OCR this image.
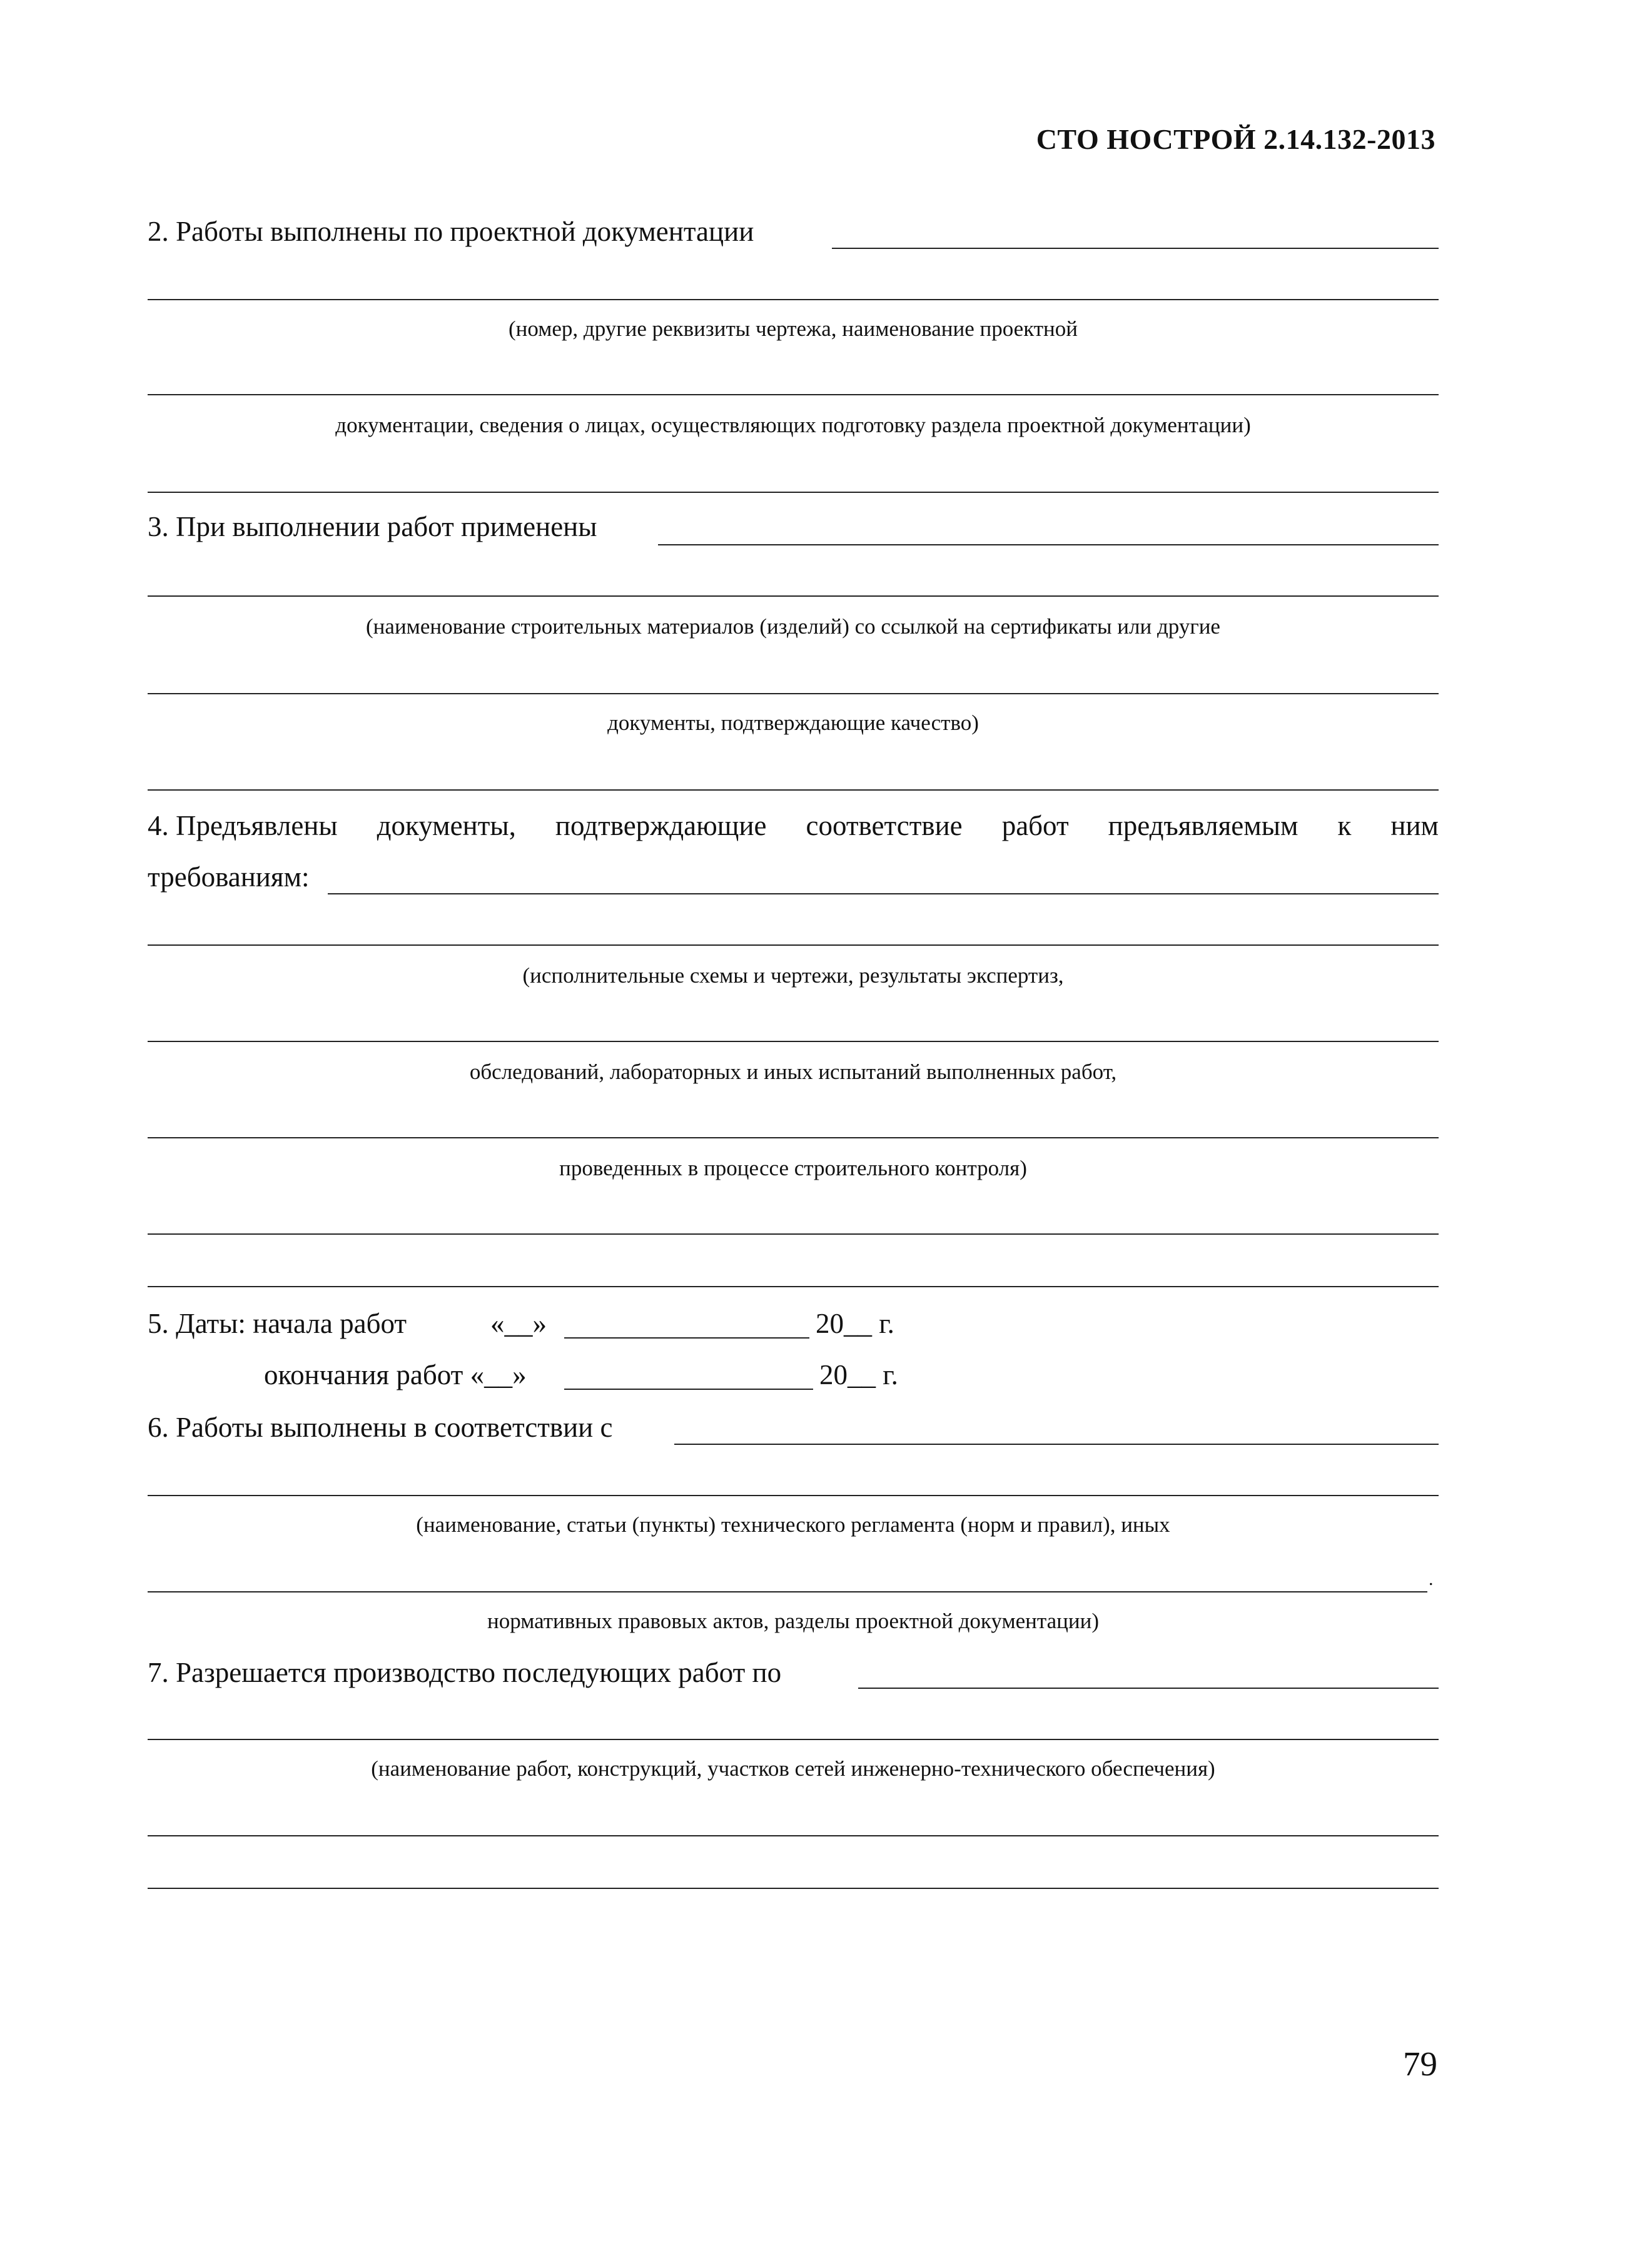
СТО НОСТРОЙ 2.14.132-2013
2. Работы выполнены по проектной документации
(номер, другие реквизиты чертежа, наименование проектной
документации, сведения о лицах, осуществляющих подготовку раздела проектной документации)
3. При выполнении работ применены
(наименование строительных материалов (изделий) со ссылкой на сертификаты или другие
документы, подтверждающие качество)
4. Предъявлены документы, подтверждающие соответствие работ предъявляемым к ним
требованиям:
(исполнительные схемы и чертежи, результаты экспертиз,
обследований, лабораторных и иных испытаний выполненных работ,
проведенных в процессе строительного контроля)
5. Даты: начала работ	«__»	20__ г.
окончания работ «__»	20__ г.
6. Работы выполнены в соответствии с
(наименование, статьи (пункты) технического регламента (норм и правил), иных
.
нормативных правовых актов, разделы проектной документации)
7. Разрешается производство последующих работ по
(наименование работ, конструкций, участков сетей инженерно-технического обеспечения)
79
